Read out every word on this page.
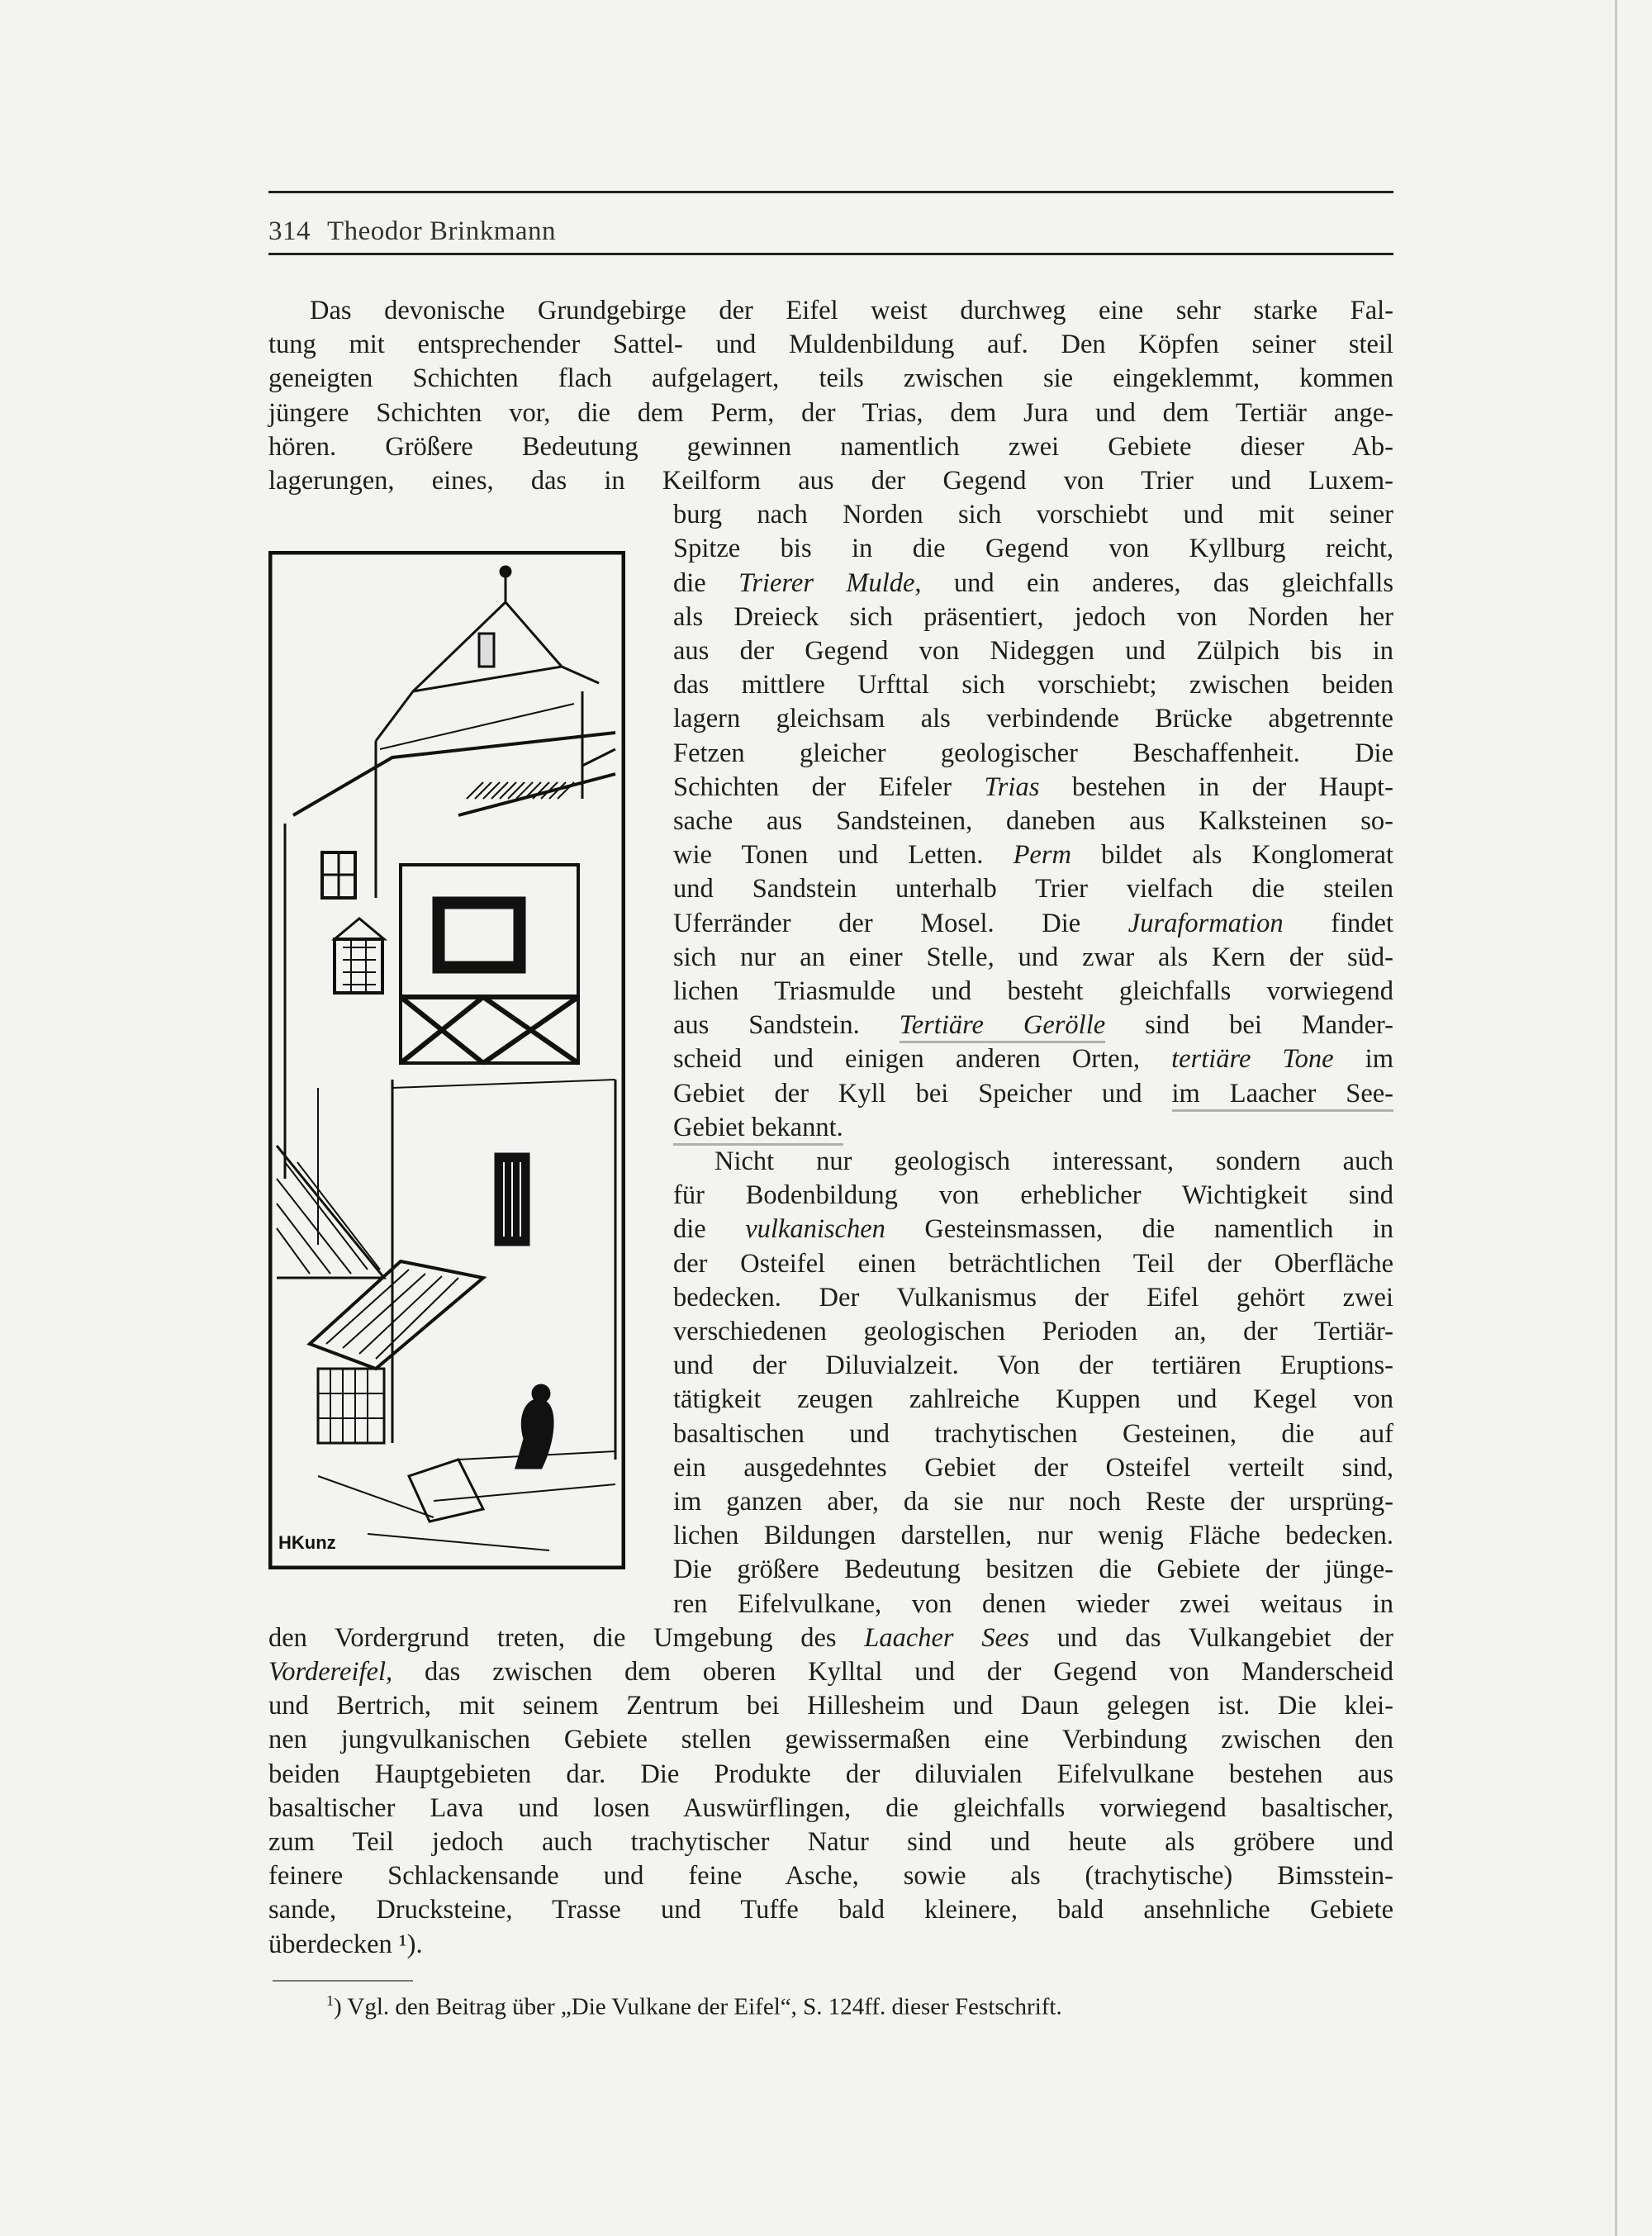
314 Theodor Brinkmann
Das devonische Grundgebirge der Eifel weist durchweg eine sehr starke Fal-
tung mit entsprechender Sattel- und Muldenbildung auf. Den Köpfen seiner steil
geneigten Schichten flach aufgelagert, teils zwischen sie eingeklemmt, kommen
jüngere Schichten vor, die dem Perm, der Trias, dem Jura und dem Tertiär ange-
hören. Größere Bedeutung gewinnen namentlich zwei Gebiete dieser Ab-
lagerungen, eines, das in Keilform aus der Gegend von Trier und Luxem-
burg nach Norden sich vorschiebt und mit seiner
Spitze bis in die Gegend von Kyllburg reicht,
die Trierer Mulde, und ein anderes, das gleichfalls
als Dreieck sich präsentiert, jedoch von Norden her
aus der Gegend von Nideggen und Zülpich bis in
das mittlere Urfttal sich vorschiebt; zwischen beiden
lagern gleichsam als verbindende Brücke abgetrennte
Fetzen gleicher geologischer Beschaffenheit. Die
Schichten der Eifeler Trias bestehen in der Haupt-
sache aus Sandsteinen, daneben aus Kalksteinen so-
wie Tonen und Letten. Perm bildet als Konglomerat
und Sandstein unterhalb Trier vielfach die steilen
Uferränder der Mosel. Die Juraformation findet
sich nur an einer Stelle, und zwar als Kern der süd-
lichen Triasmulde und besteht gleichfalls vorwiegend
aus Sandstein. Tertiäre Gerölle sind bei Mander-
scheid und einigen anderen Orten, tertiäre Tone im
Gebiet der Kyll bei Speicher und im Laacher See-
Gebiet bekannt.
Nicht nur geologisch interessant, sondern auch
für Bodenbildung von erheblicher Wichtigkeit sind
die vulkanischen Gesteinsmassen, die namentlich in
der Osteifel einen beträchtlichen Teil der Oberfläche
bedecken. Der Vulkanismus der Eifel gehört zwei
verschiedenen geologischen Perioden an, der Tertiär-
und der Diluvialzeit. Von der tertiären Eruptions-
tätigkeit zeugen zahlreiche Kuppen und Kegel von
basaltischen und trachytischen Gesteinen, die auf
ein ausgedehntes Gebiet der Osteifel verteilt sind,
im ganzen aber, da sie nur noch Reste der ursprüng-
lichen Bildungen darstellen, nur wenig Fläche bedecken.
Die größere Bedeutung besitzen die Gebiete der jünge-
ren Eifelvulkane, von denen wieder zwei weitaus in
den Vordergrund treten, die Umgebung des Laacher Sees und das Vulkangebiet der
Vordereifel, das zwischen dem oberen Kylltal und der Gegend von Manderscheid
und Bertrich, mit seinem Zentrum bei Hillesheim und Daun gelegen ist. Die klei-
nen jungvulkanischen Gebiete stellen gewissermaßen eine Verbindung zwischen den
beiden Hauptgebieten dar. Die Produkte der diluvialen Eifelvulkane bestehen aus
basaltischer Lava und losen Auswürflingen, die gleichfalls vorwiegend basaltischer,
zum Teil jedoch auch trachytischer Natur sind und heute als gröbere und
feinere Schlackensande und feine Asche, sowie als (trachytische) Bimsstein-
sande, Drucksteine, Trasse und Tuffe bald kleinere, bald ansehnliche Gebiete
überdecken ¹).
HKunz
$^1$) Vgl. den Beitrag über „Die Vulkane der Eifel“, S. 124ff. dieser Festschrift.
